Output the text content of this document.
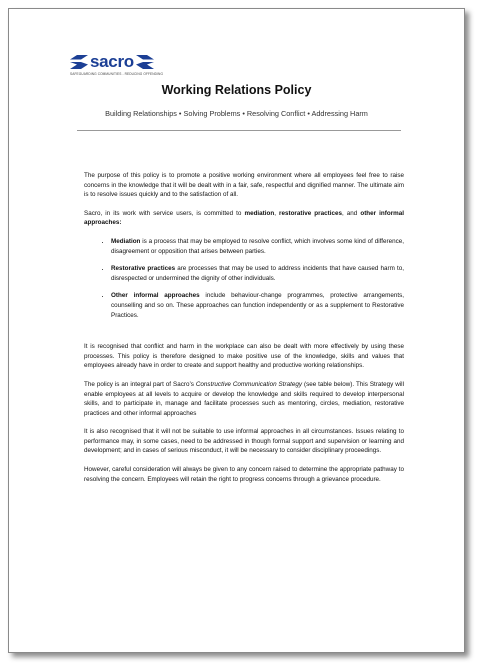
sacro
SAFEGUARDING COMMUNITIES - REDUCING OFFENDING
Working Relations Policy
Building Relationships • Solving Problems • Resolving Conflict • Addressing Harm

The purpose of this policy is to promote a positive working environment where all employees feel free to raise concerns in the knowledge that it will be dealt with in a fair, safe, respectful and dignified manner. The ultimate aim is to resolve issues quickly and to the satisfaction of all.

Sacro, in its work with service users, is committed to mediation, restorative practices, and other informal approaches:

• Mediation is a process that may be employed to resolve conflict, which involves some kind of difference, disagreement or opposition that arises between parties.
• Restorative practices are processes that may be used to address incidents that have caused harm to, disrespected or undermined the dignity of other individuals.
• Other informal approaches include behaviour-change programmes, protective arrangements, counselling and so on. These approaches can function independently or as a supplement to Restorative Practices.

It is recognised that conflict and harm in the workplace can also be dealt with more effectively by using these processes. This policy is therefore designed to make positive use of the knowledge, skills and values that employees already have in order to create and support healthy and productive working relationships.

The policy is an integral part of Sacro’s Constructive Communication Strategy (see table below). This Strategy will enable employees at all levels to acquire or develop the knowledge and skills required to develop interpersonal skills, and to participate in, manage and facilitate processes such as mentoring, circles, mediation, restorative practices and other informal approaches

It is also recognised that it will not be suitable to use informal approaches in all circumstances. Issues relating to performance may, in some cases, need to be addressed in though formal support and supervision or learning and development; and in cases of serious misconduct, it will be necessary to consider disciplinary proceedings.

However, careful consideration will always be given to any concern raised to determine the appropriate pathway to resolving the concern. Employees will retain the right to progress concerns through a grievance procedure.
